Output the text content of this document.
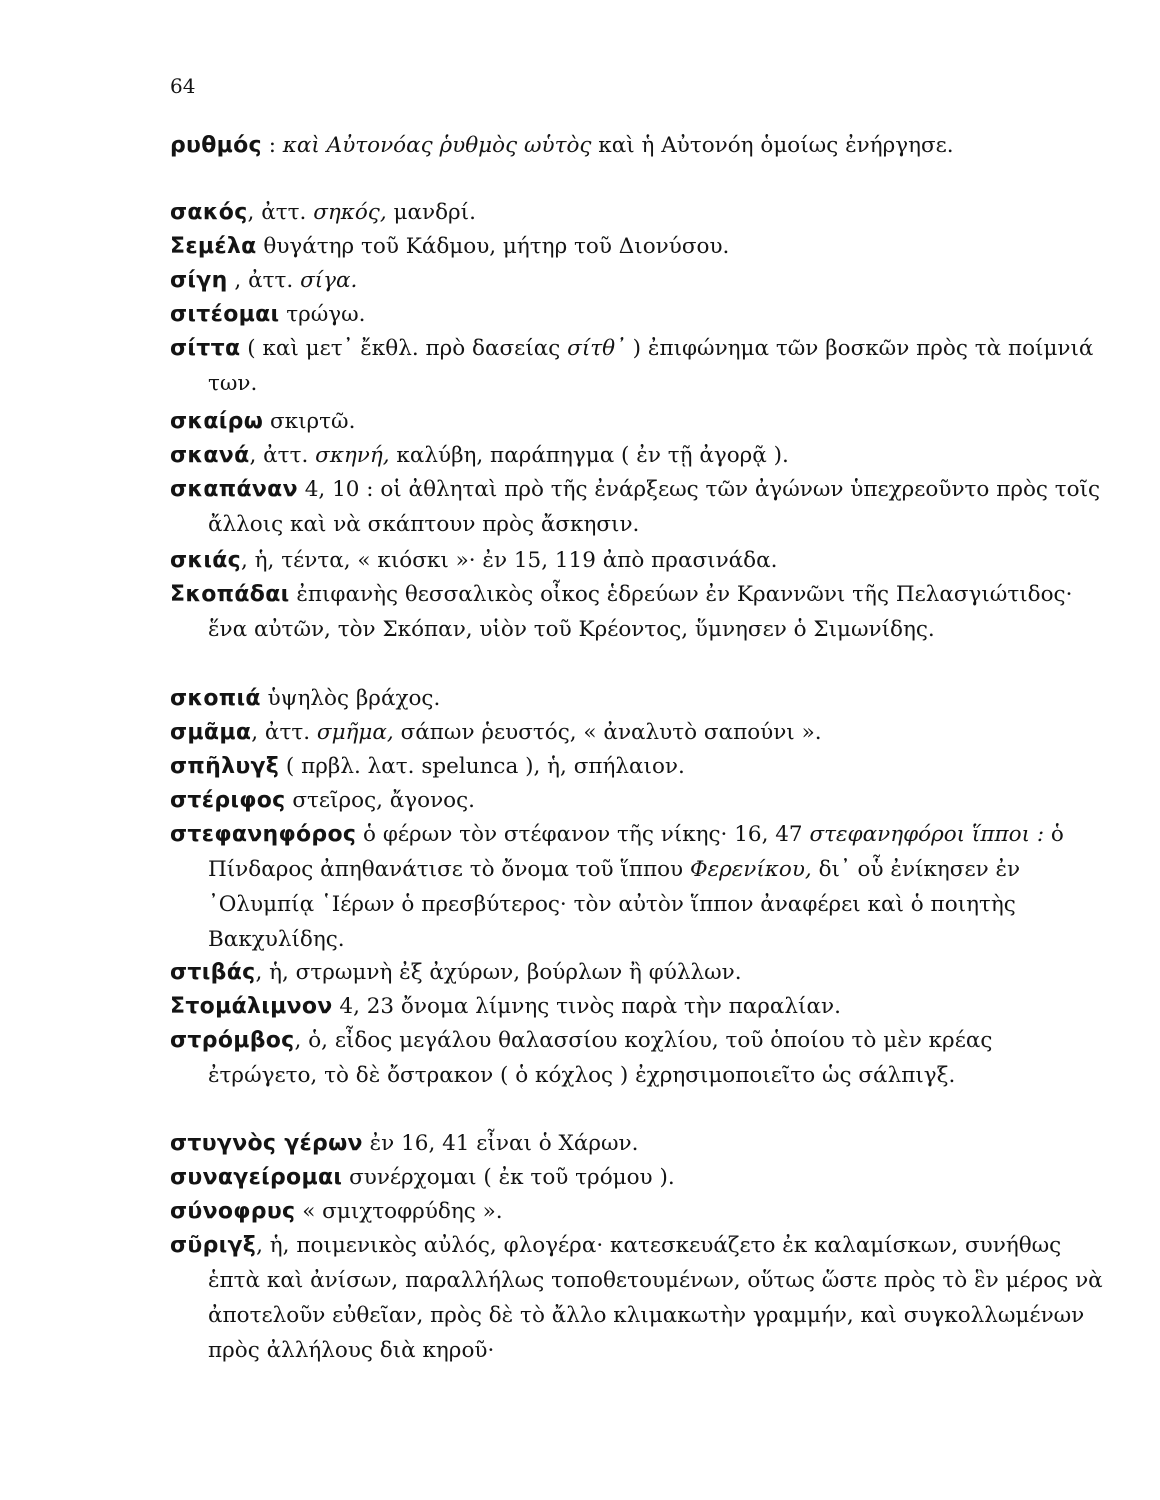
64

ρυθμός : καὶ Αὐτονόας ῥυθμὸς ωὑτὸς καὶ ἡ Αὐτονόη ὁμοίως ἐνήργησε.

σακός, ἀττ. σηκός, μανδρί.

Σεμέλα θυγάτηρ τοῦ Κάδμου, μήτηρ τοῦ Διονύσου.

σίγη , ἀττ. σίγα.

σιτέομαι τρώγω.

σίττα ( καὶ μετ᾽ ἔκθλ. πρὸ δασείας σίτθ᾽ ) ἐπιφώνημα τῶν βοσκῶν πρὸς τὰ ποίμνιά των.

σκαίρω σκιρτῶ.

σκανά, ἀττ. σκηνή, καλύβη, παράπηγμα ( ἐν τῇ ἀγορᾷ ).

σκαπάναν 4, 10 : οἱ ἀθληταὶ πρὸ τῆς ἐνάρξεως τῶν ἀγώνων ὑπεχρεοῦντο πρὸς τοῖς ἄλλοις καὶ νὰ σκάπτουν πρὸς ἄσκησιν.

σκιάς, ἡ, τέντα, « κιόσκι »· ἐν 15, 119 ἀπὸ πρασινάδα.

Σκοπάδαι ἐπιφανὴς θεσσαλικὸς οἶκος ἑδρεύων ἐν Κραννῶνι τῆς Πελασγιώτιδος· ἕνα αὐτῶν, τὸν Σκόπαν, υἱὸν τοῦ Κρέοντος, ὕμνησεν ὁ Σιμωνίδης.

σκοπιά ὑψηλὸς βράχος.

σμᾶμα, ἀττ. σμῆμα, σάπων ῥευστός, « ἀναλυτὸ σαπούνι ».

σπῆλυγξ ( πρβλ. λατ. spelunca ), ἡ, σπήλαιον.

στέριφος στεῖρος, ἄγονος.

στεφανηφόρος ὁ φέρων τὸν στέφανον τῆς νίκης· 16, 47 στεφανηφόροι ἵπποι : ὁ Πίνδαρος ἀπηθανάτισε τὸ ὄνομα τοῦ ἵππου Φερενίκου, δι᾽ οὗ ἐνίκησεν ἐν ᾽Ολυμπίᾳ ῾Ιέρων ὁ πρεσβύτερος· τὸν αὐτὸν ἵππον ἀναφέρει καὶ ὁ ποιητὴς Βακχυλίδης.

στιβάς, ἡ, στρωμνὴ ἐξ ἀχύρων, βούρλων ἢ φύλλων.

Στομάλιμνον 4, 23 ὄνομα λίμνης τινὸς παρὰ τὴν παραλίαν.

στρόμβος, ὁ, εἶδος μεγάλου θαλασσίου κοχλίου, τοῦ ὁποίου τὸ μὲν κρέας ἐτρώγετο, τὸ δὲ ὄστρακον ( ὁ κόχλος ) ἐχρησιμοποιεῖτο ὡς σάλπιγξ.

στυγνὸς γέρων ἐν 16, 41 εἶναι ὁ Χάρων.

συναγείρομαι συνέρχομαι ( ἐκ τοῦ τρόμου ).

σύνοφρυς « σμιχτοφρύδης ».

σῦριγξ, ἡ, ποιμενικὸς αὐλός, φλογέρα· κατεσκευάζετο ἐκ καλαμίσκων, συνήθως ἑπτὰ καὶ ἀνίσων, παραλλήλως τοποθετουμένων, οὕτως ὥστε πρὸς τὸ ἓν μέρος νὰ ἀποτελοῦν εὐθεῖαν, πρὸς δὲ τὸ ἄλλο κλιμακωτὴν γραμμήν, καὶ συγκολλωμένων πρὸς ἀλλήλους διὰ κηροῦ·
